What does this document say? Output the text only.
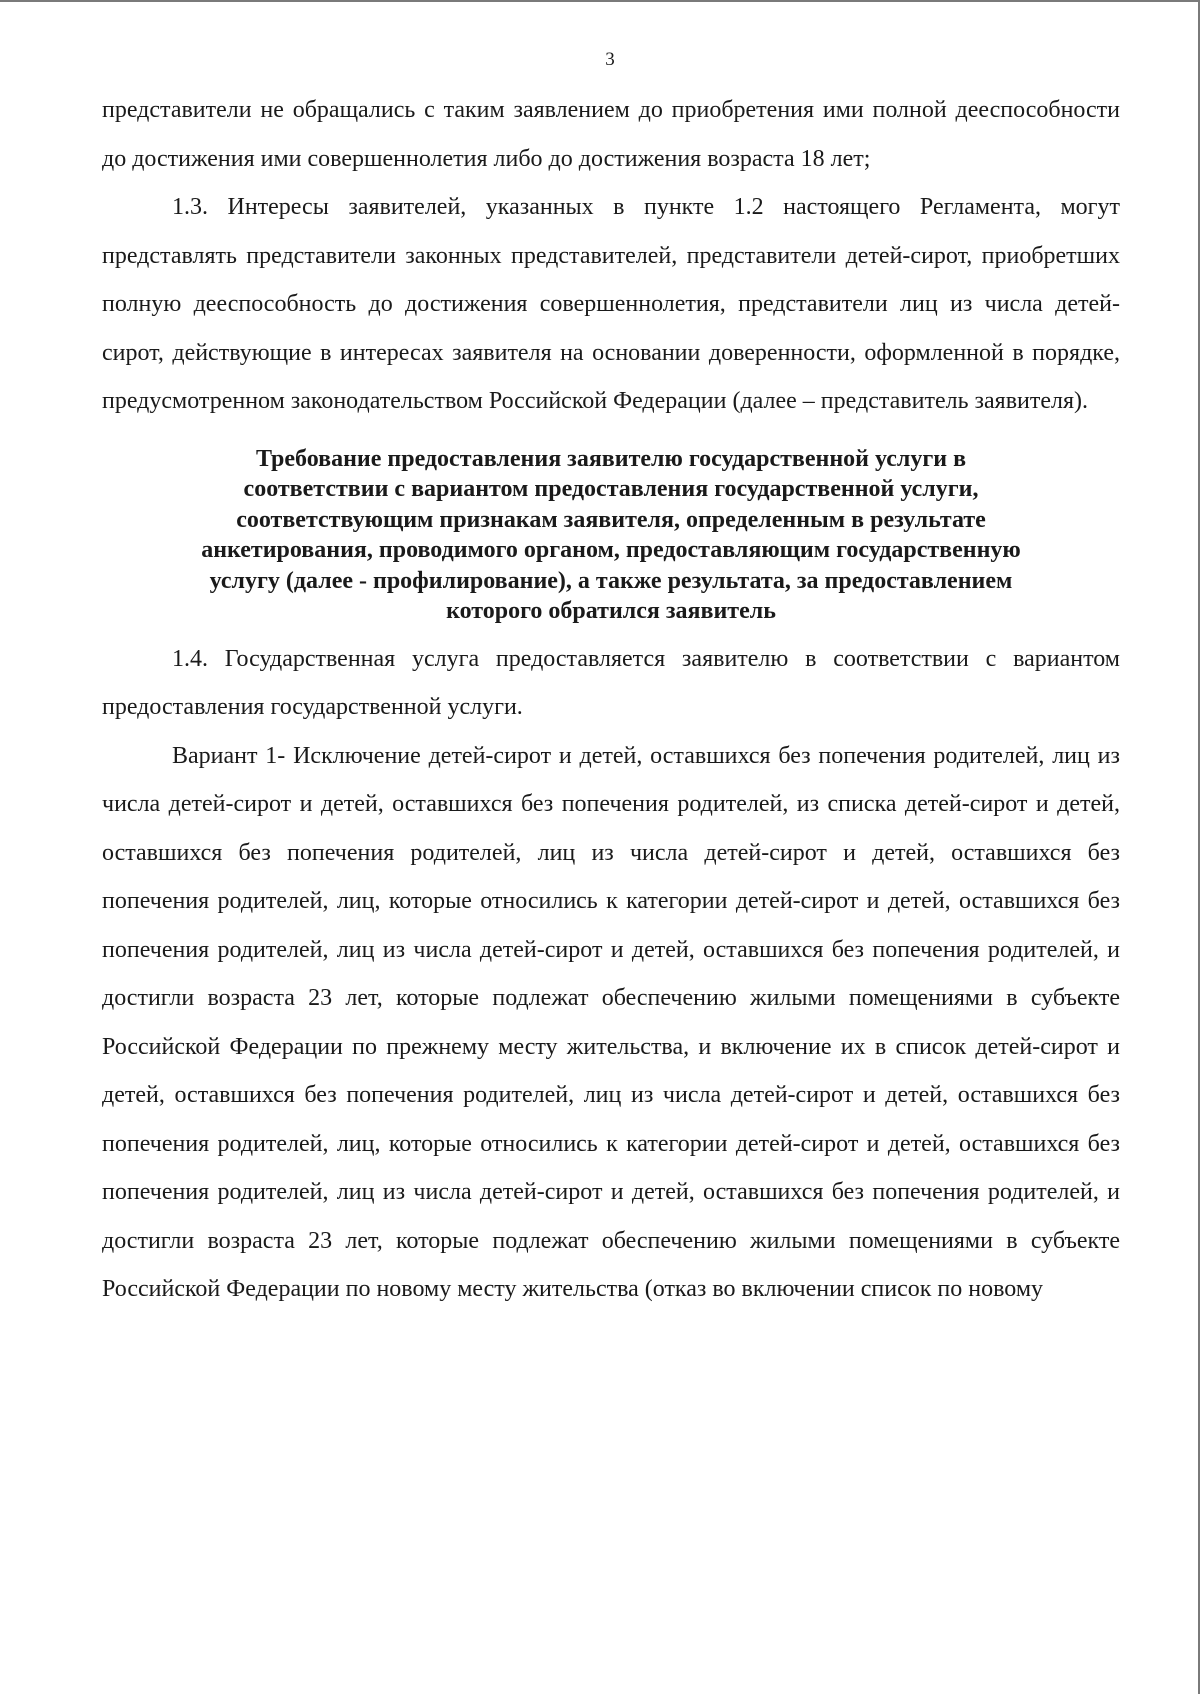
3

представители не обращались с таким заявлением до приобретения ими полной дееспособности до достижения ими совершеннолетия либо до достижения возраста 18 лет;

1.3. Интересы заявителей, указанных в пункте 1.2 настоящего Регламента, могут представлять представители законных представителей, представители детей-сирот, приобретших полную дееспособность до достижения совершеннолетия, представители лиц из числа детей-сирот, действующие в интересах заявителя на основании доверенности, оформленной в порядке, предусмотренном законодательством Российской Федерации (далее – представитель заявителя).

Требование предоставления заявителю государственной услуги в
соответствии с вариантом предоставления государственной услуги,
соответствующим признакам заявителя, определенным в результате
анкетирования, проводимого органом, предоставляющим государственную
услугу (далее - профилирование), а также результата, за предоставлением
которого обратился заявитель

1.4. Государственная услуга предоставляется заявителю в соответствии с вариантом предоставления государственной услуги.

Вариант 1- Исключение детей-сирот и детей, оставшихся без попечения родителей, лиц из числа детей-сирот и детей, оставшихся без попечения родителей, из списка детей-сирот и детей, оставшихся без попечения родителей, лиц из числа детей-сирот и детей, оставшихся без попечения родителей, лиц, которые относились к категории детей-сирот и детей, оставшихся без попечения родителей, лиц из числа детей-сирот и детей, оставшихся без попечения родителей, и достигли возраста 23 лет, которые подлежат обеспечению жилыми помещениями в субъекте Российской Федерации по прежнему месту жительства, и включение их в список детей-сирот и детей, оставшихся без попечения родителей, лиц из числа детей-сирот и детей, оставшихся без попечения родителей, лиц, которые относились к категории детей-сирот и детей, оставшихся без попечения родителей, лиц из числа детей-сирот и детей, оставшихся без попечения родителей, и достигли возраста 23 лет, которые подлежат обеспечению жилыми помещениями в субъекте Российской Федерации по новому месту жительства (отказ во включении список по новому
